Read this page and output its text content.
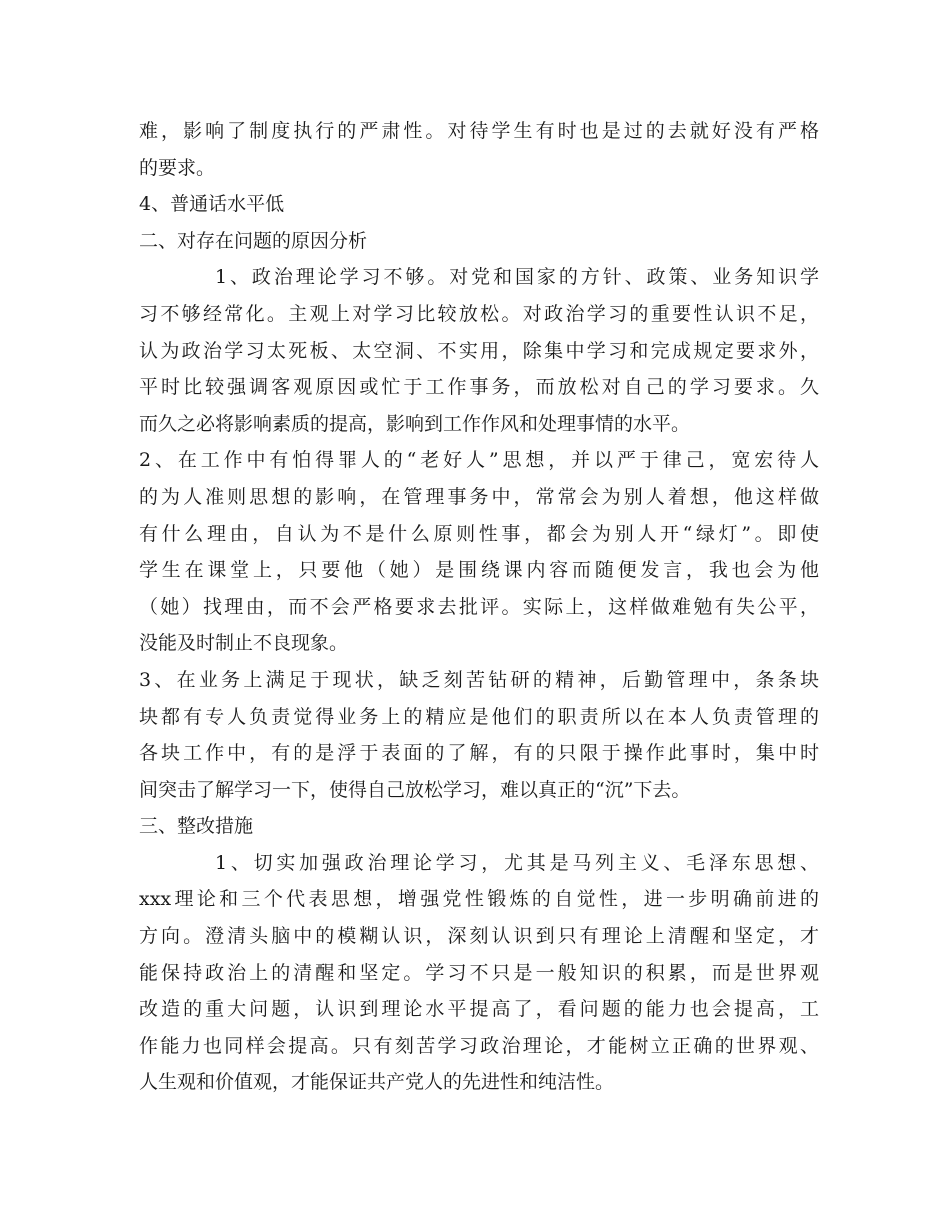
难，影响了制度执行的严肃性。对待学生有时也是过的去就好没有严格
的要求。
4、普通话水平低
二、对存在问题的原因分析
1、政治理论学习不够。对党和国家的方针、政策、业务知识学
习不够经常化。主观上对学习比较放松。对政治学习的重要性认识不足，
认为政治学习太死板、太空洞、不实用，除集中学习和完成规定要求外，
平时比较强调客观原因或忙于工作事务，而放松对自己的学习要求。久
而久之必将影响素质的提高，影响到工作作风和处理事情的水平。
2、在工作中有怕得罪人的“老好人”思想，并以严于律己，宽宏待人
的为人准则思想的影响，在管理事务中，常常会为别人着想，他这样做
有什么理由，自认为不是什么原则性事，都会为别人开“绿灯”。即使
学生在课堂上，只要他（她）是围绕课内容而随便发言，我也会为他
（她）找理由，而不会严格要求去批评。实际上，这样做难勉有失公平，
没能及时制止不良现象。
3、在业务上满足于现状，缺乏刻苦钻研的精神，后勤管理中，条条块
块都有专人负责觉得业务上的精应是他们的职责所以在本人负责管理的
各块工作中，有的是浮于表面的了解，有的只限于操作此事时，集中时
间突击了解学习一下，使得自己放松学习，难以真正的“沉”下去。
三、整改措施
1、切实加强政治理论学习，尤其是马列主义、毛泽东思想、
xxx理论和三个代表思想，增强党性锻炼的自觉性，进一步明确前进的
方向。澄清头脑中的模糊认识，深刻认识到只有理论上清醒和坚定，才
能保持政治上的清醒和坚定。学习不只是一般知识的积累，而是世界观
改造的重大问题，认识到理论水平提高了，看问题的能力也会提高，工
作能力也同样会提高。只有刻苦学习政治理论，才能树立正确的世界观、
人生观和价值观，才能保证共产党人的先进性和纯洁性。
